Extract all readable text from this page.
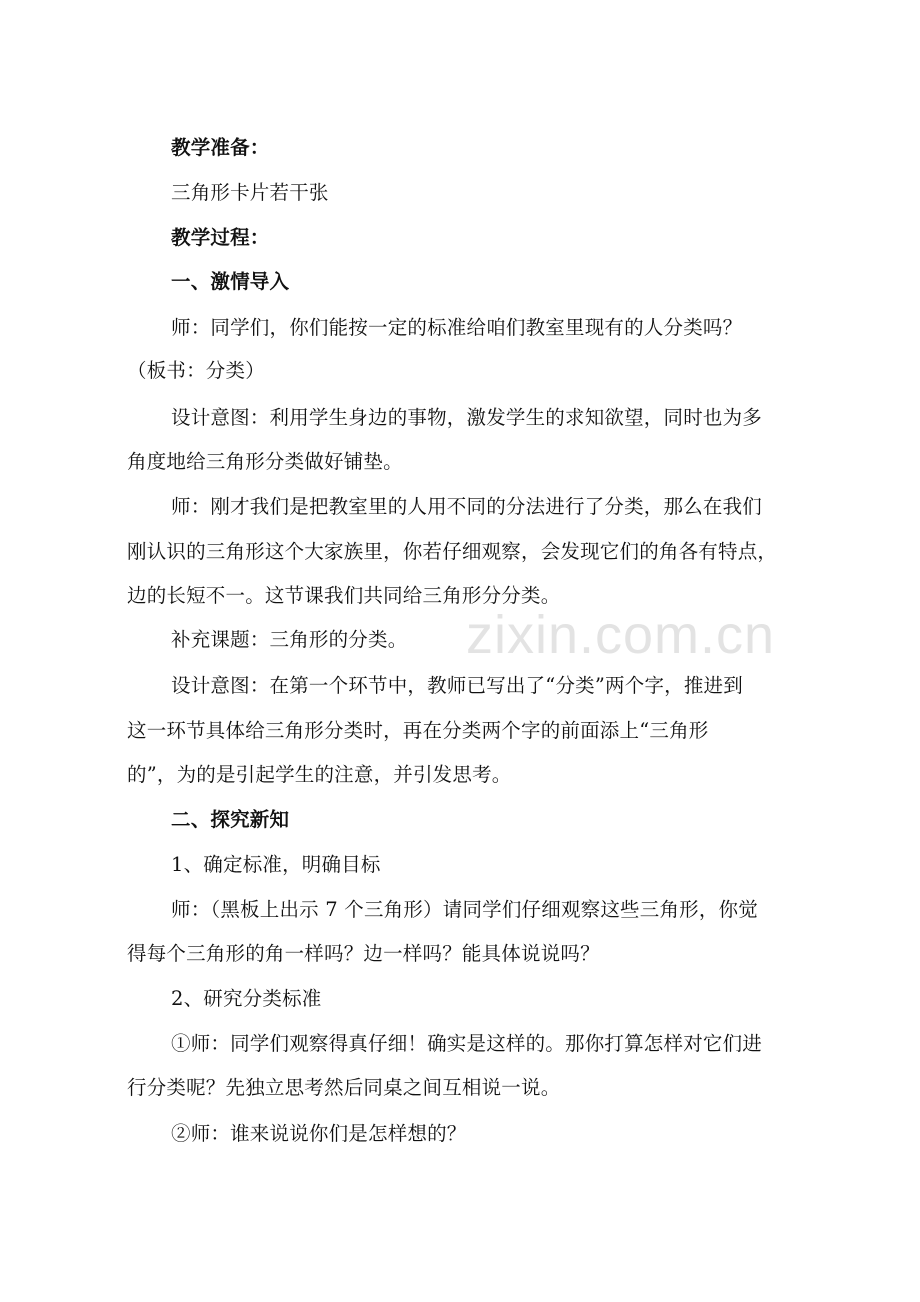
zixin.com.cn
教学准备：
三角形卡片若干张
教学过程：
一、激情导入
师：同学们，你们能按一定的标准给咱们教室里现有的人分类吗？
（板书：分类）
设计意图：利用学生身边的事物，激发学生的求知欲望，同时也为多
角度地给三角形分类做好铺垫。
师：刚才我们是把教室里的人用不同的分法进行了分类，那么在我们
刚认识的三角形这个大家族里，你若仔细观察，会发现它们的角各有特点，
边的长短不一。这节课我们共同给三角形分分类。
补充课题：三角形的分类。
设计意图：在第一个环节中，教师已写出了“分类”两个字，推进到
这一环节具体给三角形分类时，再在分类两个字的前面添上“三角形
的”，为的是引起学生的注意，并引发思考。
二、探究新知
1、确定标准，明确目标
师：（黑板上出示 7 个三角形）请同学们仔细观察这些三角形，你觉
得每个三角形的角一样吗？边一样吗？能具体说说吗？
2、研究分类标准
①师：同学们观察得真仔细！确实是这样的。那你打算怎样对它们进
行分类呢？先独立思考然后同桌之间互相说一说。
②师：谁来说说你们是怎样想的？
